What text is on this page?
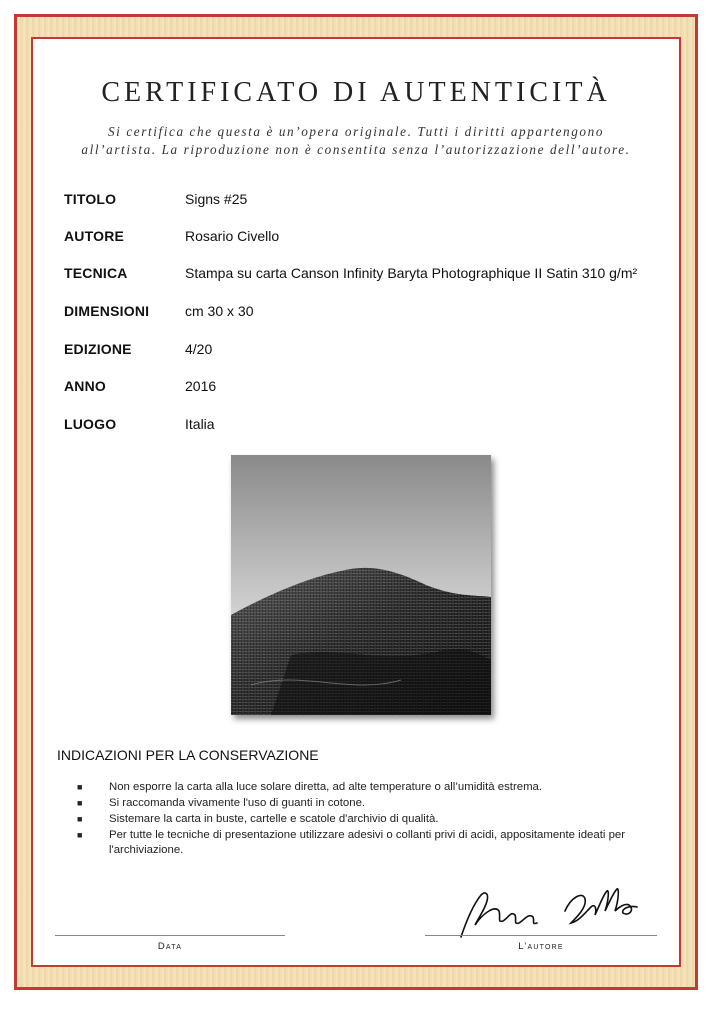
CERTIFICATO DI AUTENTICITÀ
Si certifica che questa è un’opera originale. Tutti i diritti appartengono
all’artista. La riproduzione non è consentita senza l’autorizzazione dell’autore.
TITOLO	Signs #25
AUTORE	Rosario Civello
TECNICA	Stampa su carta Canson Infinity Baryta Photographique II Satin 310 g/m²
DIMENSIONI	cm 30 x 30
EDIZIONE	4/20
ANNO	2016
LUOGO	Italia
INDICAZIONI PER LA CONSERVAZIONE
■ Non esporre la carta alla luce solare diretta, ad alte temperature o all’umidità estrema.
■ Si raccomanda vivamente l'uso di guanti in cotone.
■ Sistemare la carta in buste, cartelle e scatole d'archivio di qualità.
■ Per tutte le tecniche di presentazione utilizzare adesivi o collanti privi di acidi, appositamente ideati per l'archiviazione.
Data	L’autore
